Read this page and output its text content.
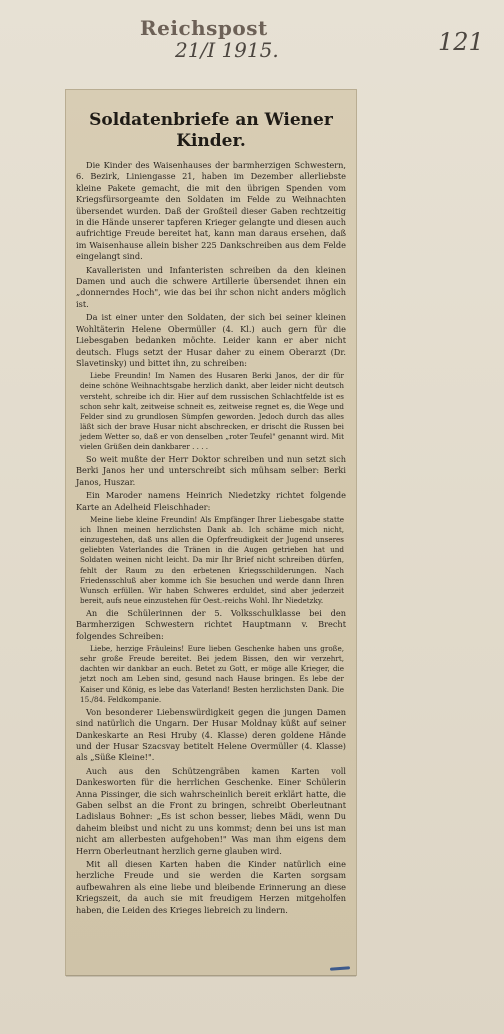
Reichspost
21/I 1915.	121
Soldatenbriefe an Wiener Kinder.

Die Kinder des Waisenhauses der barmherzigen Schwestern, 6. Bezirk, Liniengasse 21, haben im Dezember allerliebste kleine Pakete gemacht, die mit den übrigen Spenden vom Kriegsfürsorgeamte den Soldaten im Felde zu Weihnachten übersendet wurden. Daß der Großteil dieser Gaben rechtzeitig in die Hände unserer tapferen Krieger gelangte und diesen auch aufrichtige Freude bereitet hat, kann man daraus ersehen, daß im Waisenhause allein bisher 225 Dankschreiben aus dem Felde eingelangt sind.

Kavalleristen und Infanteristen schreiben da den kleinen Damen und auch die schwere Artillerie übersendet ihnen ein „donnerndes Hoch", wie das bei ihr schon nicht anders möglich ist.

Da ist einer unter den Soldaten, der sich bei seiner kleinen Wohltäterin Helene Obermüller (4. Kl.) auch gern für die Liebesgaben bedanken möchte. Leider kann er aber nicht deutsch. Flugs setzt der Husar daher zu einem Oberarzt (Dr. Slavetinsky) und bittet ihn, zu schreiben:

Liebe Freundin! Im Namen des Husaren Berki Janos, der dir für deine schöne Weihnachtsgabe herzlich dankt, aber leider nicht deutsch versteht, schreibe ich dir. Hier auf dem russischen Schlachtfelde ist es schon sehr kalt, zeitweise schneit es, zeitweise regnet es, die Wege und Felder sind zu grundlosen Sümpfen geworden. Jedoch durch das alles läßt sich der brave Husar nicht abschrecken, er drischt die Russen bei jedem Wetter so, daß er von denselben „roter Teufel" genannt wird. Mit vielen Grüßen dein dankbarer . . . .

So weit mußte der Herr Doktor schreiben und nun setzt sich Berki Janos her und unterschreibt sich mühsam selber: Berki Janos, Huszar.

Ein Maroder namens Heinrich Niedetzky richtet folgende Karte an Adelheid Fleischhader:

Meine liebe kleine Freundin! Als Empfänger Ihrer Liebesgabe statte ich Ihnen meinen herzlichsten Dank ab. Ich schäme mich nicht, einzugestehen, daß uns allen die Opferfreudigkeit der Jugend unseres geliebten Vaterlandes die Tränen in die Augen getrieben hat und Soldaten weinen nicht leicht. Da mir Ihr Brief nicht schreiben dürfen, fehlt der Raum zu den erbetenen Kriegsschilderungen. Nach Friedensschluß aber komme ich Sie besuchen und werde dann Ihren Wunsch erfüllen. Wir haben Schweres erduldet, sind aber jederzeit bereit, aufs neue einzustehen für Oest.-reichs Wohl. Ihr Niedetzky.

An die Schülerinnen der 5. Volksschulklasse bei den Barmherzigen Schwestern richtet Hauptmann v. Brecht folgendes Schreiben:

Liebe, herzige Fräuleins! Eure lieben Geschenke haben uns große, sehr große Freude bereitet. Bei jedem Bissen, den wir verzehrt, dachten wir dankbar an euch. Betet zu Gott, er möge alle Krieger, die jetzt noch am Leben sind, gesund nach Hause bringen. Es lebe der Kaiser und König, es lebe das Vaterland! Besten herzlichsten Dank. Die 15./84. Feldkompanie.

Von besonderer Liebenswürdigkeit gegen die jungen Damen sind natürlich die Ungarn. Der Husar Moldnay küßt auf seiner Dankeskarte an Resi Hruby (4. Klasse) deren goldene Hände und der Husar Szacsvay betitelt Helene Overmüller (4. Klasse) als „Süße Kleine!".

Auch aus den Schützengräben kamen Karten voll Dankesworten für die herrlichen Geschenke. Einer Schülerin Anna Pissinger, die sich wahrscheinlich bereit erklärt hatte, die Gaben selbst an die Front zu bringen, schreibt Oberleutnant Ladislaus Bohner: „Es ist schon besser, liebes Mädi, wenn Du daheim bleibst und nicht zu uns kommst; denn bei uns ist man nicht am allerbesten aufgehoben!" Was man ihm eigens dem Herrn Oberleutnant herzlich gerne glauben wird.

Mit all diesen Karten haben die Kinder natürlich eine herzliche Freude und sie werden die Karten sorgsam aufbewahren als eine liebe und bleibende Erinnerung an diese Kriegszeit, da auch sie mit freudigem Herzen mitgeholfen haben, die Leiden des Krieges liebreich zu lindern.
